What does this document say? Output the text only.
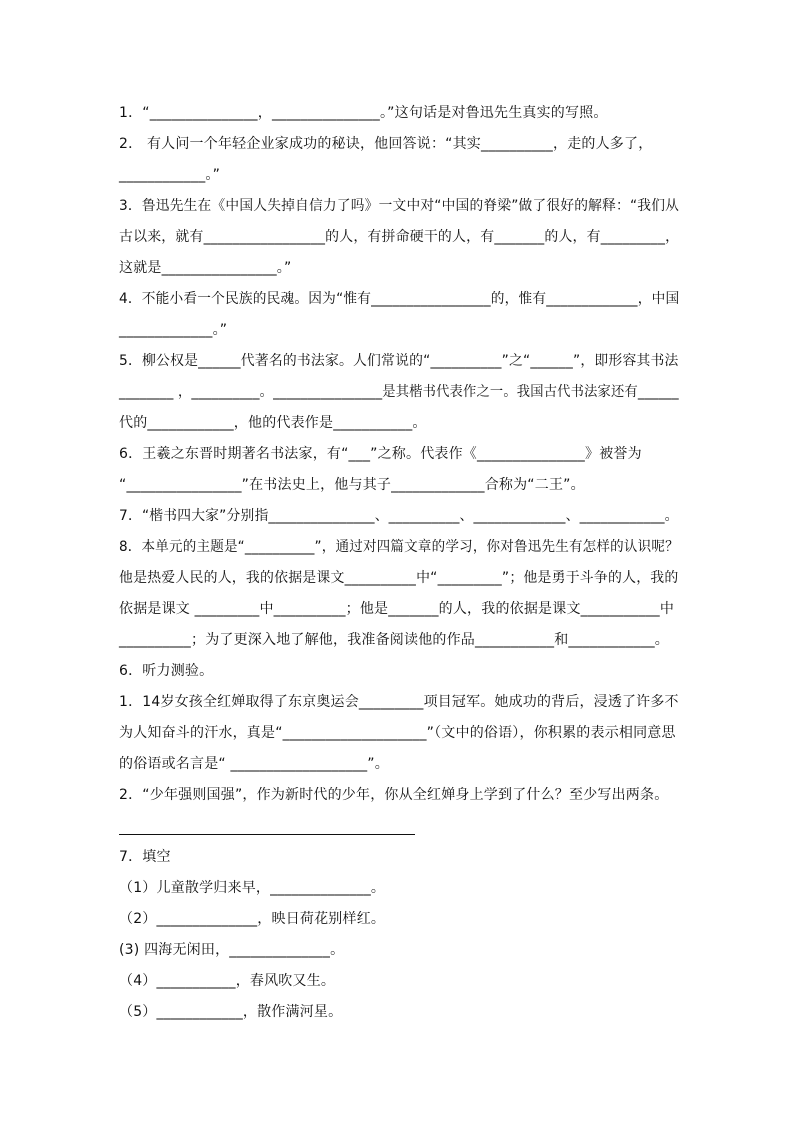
1．“_______________，_______________。”这句话是对鲁迅先生真实的写照。
2． 有人问一个年轻企业家成功的秘诀，他回答说：“其实__________，走的人多了，
____________。”
3．鲁迅先生在《中国人失掉自信力了吗》一文中对“中国的脊梁”做了很好的解释：“我们从
古以来，就有_________________的人，有拼命硬干的人，有_______的人，有_________，
这就是________________。”
4．不能小看一个民族的民魂。因为“惟有_________________的，惟有_____________，中国
_____________。”
5．柳公权是______代著名的书法家。人们常说的“__________”之“______”，即形容其书法
________ ，__________。________________是其楷书代表作之一。我国古代书法家还有______
代的____________，他的代表作是___________。
6．王羲之东晋时期著名书法家，有“___”之称。代表作《_______________》被誉为
“________________”在书法史上，他与其子_____________合称为“二王”。
7．“楷书四大家”分别指_______________、__________、_____________、____________。
8．本单元的主题是“__________”，通过对四篇文章的学习，你对鲁迅先生有怎样的认识呢？
他是热爱人民的人，我的依据是课文__________中“_________”；他是勇于斗争的人，我的
依据是课文 _________中__________；他是_______的人，我的依据是课文___________中
__________；为了更深入地了解他，我准备阅读他的作品___________和____________。
6．听力测验。
1．14岁女孩全红婵取得了东京奥运会_________项目冠军。她成功的背后，浸透了许多不
为人知奋斗的汗水，真是“____________________”（文中的俗语），你积累的表示相同意思
的俗语或名言是“ ___________________”。
2．“少年强则国强”，作为新时代的少年，你从全红婵身上学到了什么？至少写出两条。
7．填空
（1）儿童散学归来早，______________。
（2）______________，映日荷花别样红。
(3) 四海无闲田，______________。
（4）___________，春风吹又生。
（5）____________，散作满河星。
